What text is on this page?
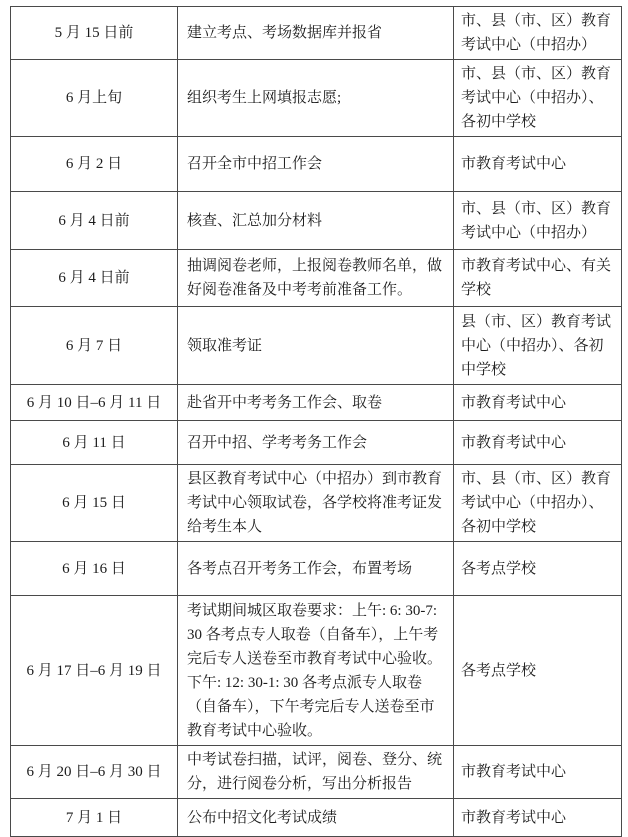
5 月 15 日前	建立考点、考场数据库并报省	市、县（市、区）教育考试中心（中招办）
6 月上旬	组织考生上网填报志愿;	市、县（市、区）教育考试中心（中招办）、各初中学校
6 月 2 日	召开全市中招工作会	市教育考试中心
6 月 4 日前	核查、汇总加分材料	市、县（市、区）教育考试中心（中招办）
6 月 4 日前	抽调阅卷老师，上报阅卷教师名单，做好阅卷准备及中考考前准备工作。	市教育考试中心、有关学校
6 月 7 日	领取准考证	县（市、区）教育考试中心（中招办）、各初中学校
6 月 10 日–6 月 11 日	赴省开中考考务工作会、取卷	市教育考试中心
6 月 11 日	召开中招、学考考务工作会	市教育考试中心
6 月 15 日	县区教育考试中心（中招办）到市教育考试中心领取试卷，各学校将准考证发给考生本人	市、县（市、区）教育考试中心（中招办）、各初中学校
6 月 16 日	各考点召开考务工作会，布置考场	各考点学校
6 月 17 日–6 月 19 日	考试期间城区取卷要求：上午: 6: 30-7: 30 各考点专人取卷（自备车），上午考完后专人送卷至市教育考试中心验收。下午: 12: 30-1: 30 各考点派专人取卷（自备车），下午考完后专人送卷至市教育考试中心验收。	各考点学校
6 月 20 日–6 月 30 日	中考试卷扫描，试评，阅卷、登分、统分，进行阅卷分析，写出分析报告	市教育考试中心
7 月 1 日	公布中招文化考试成绩	市教育考试中心
